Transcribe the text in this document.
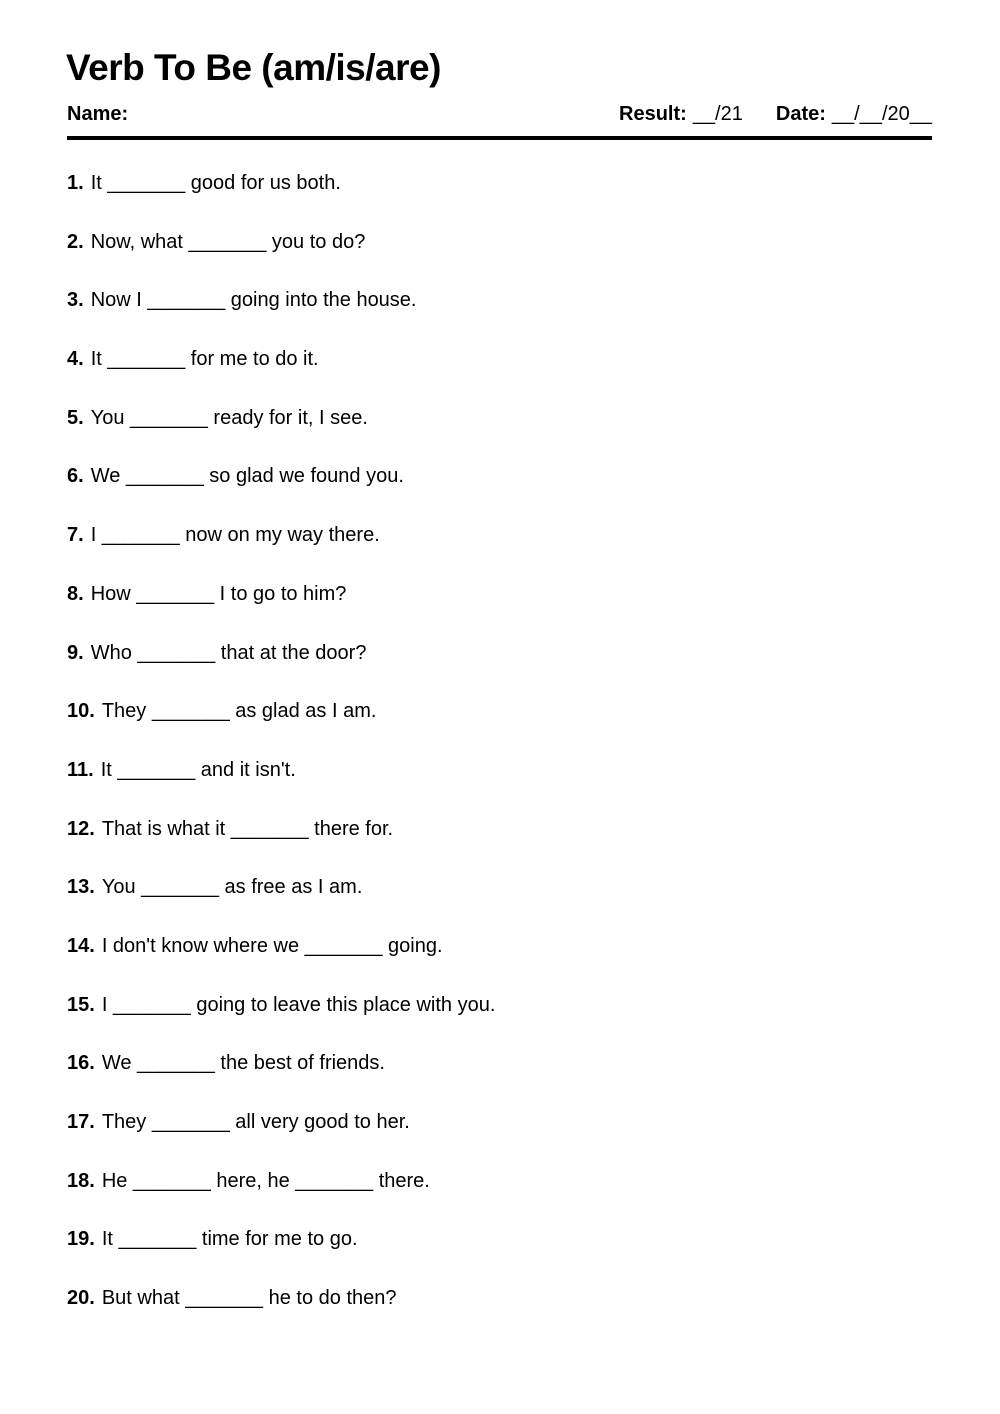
Verb To Be (am/is/are)
Name:	Result: __/21 Date: __/__/20__
1. It _______ good for us both.
2. Now, what _______ you to do?
3. Now I _______ going into the house.
4. It _______ for me to do it.
5. You _______ ready for it, I see.
6. We _______ so glad we found you.
7. I _______ now on my way there.
8. How _______ I to go to him?
9. Who _______ that at the door?
10. They _______ as glad as I am.
11. It _______ and it isn't.
12. That is what it _______ there for.
13. You _______ as free as I am.
14. I don't know where we _______ going.
15. I _______ going to leave this place with you.
16. We _______ the best of friends.
17. They _______ all very good to her.
18. He _______ here, he _______ there.
19. It _______ time for me to go.
20. But what _______ he to do then?
